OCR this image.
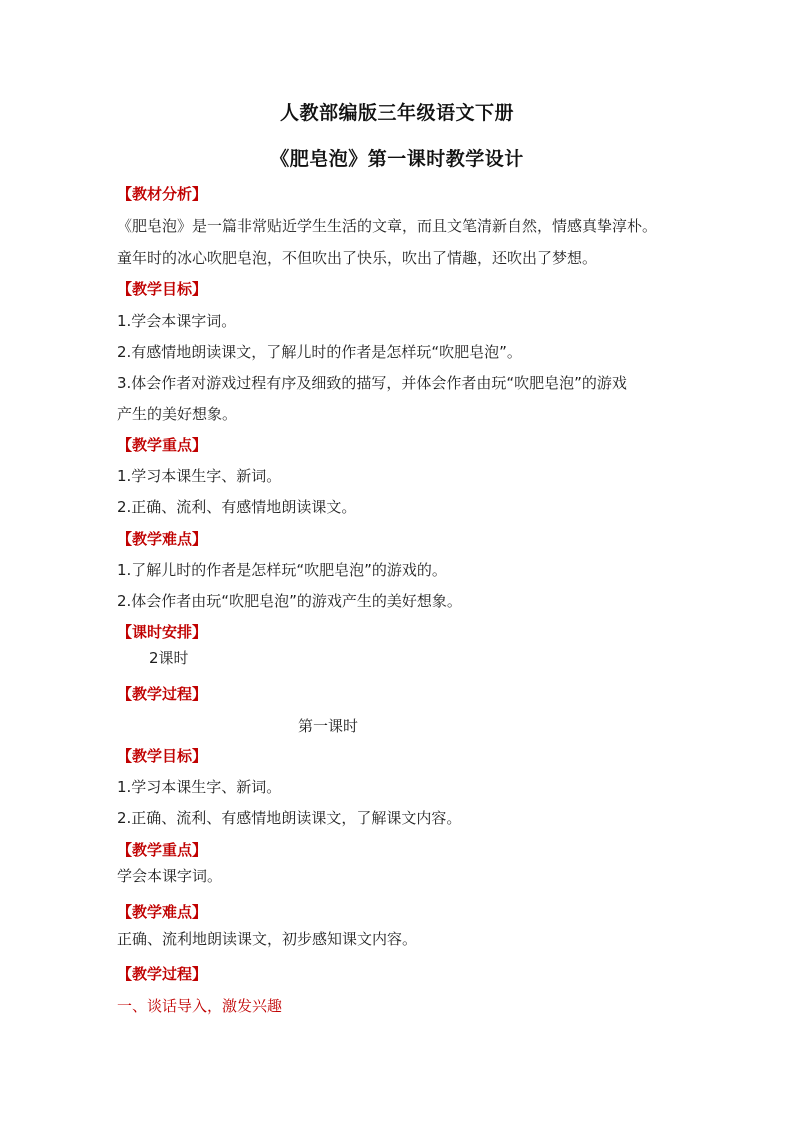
人教部编版三年级语文下册
《肥皂泡》第一课时教学设计
【教材分析】
《肥皂泡》是一篇非常贴近学生生活的文章，而且文笔清新自然，情感真挚淳朴。
童年时的冰心吹肥皂泡，不但吹出了快乐，吹出了情趣，还吹出了梦想。
【教学目标】
1.学会本课字词。
2.有感情地朗读课文，了解儿时的作者是怎样玩“吹肥皂泡”。
3.体会作者对游戏过程有序及细致的描写，并体会作者由玩“吹肥皂泡”的游戏
产生的美好想象。
【教学重点】
1.学习本课生字、新词。
2.正确、流利、有感情地朗读课文。
【教学难点】
1.了解儿时的作者是怎样玩“吹肥皂泡”的游戏的。
2.体会作者由玩“吹肥皂泡”的游戏产生的美好想象。
【课时安排】
2课时
【教学过程】
第一课时
【教学目标】
1.学习本课生字、新词。
2.正确、流利、有感情地朗读课文，了解课文内容。
【教学重点】
学会本课字词。
【教学难点】
正确、流利地朗读课文，初步感知课文内容。
【教学过程】
一、谈话导入，激发兴趣
